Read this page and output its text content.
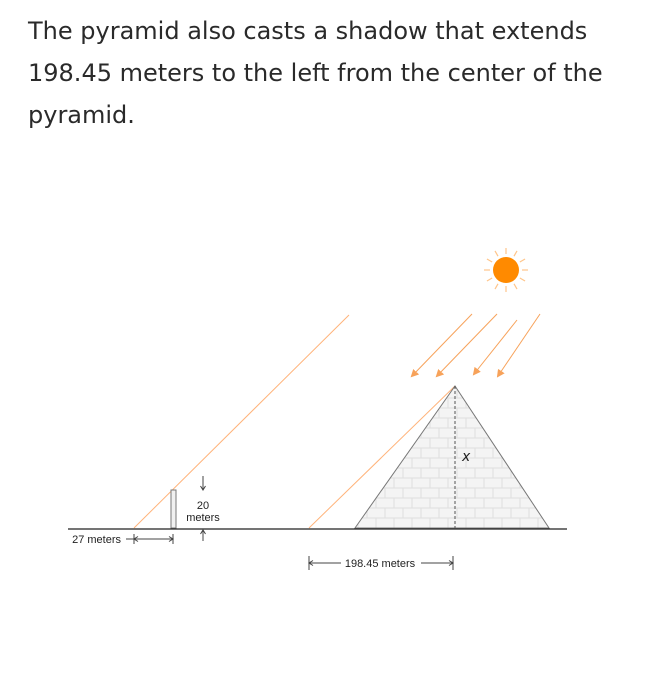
The pyramid also casts a shadow that extends 198.45 meters to the left from the center of the pyramid.

x
20
meters
27 meters
198.45 meters
